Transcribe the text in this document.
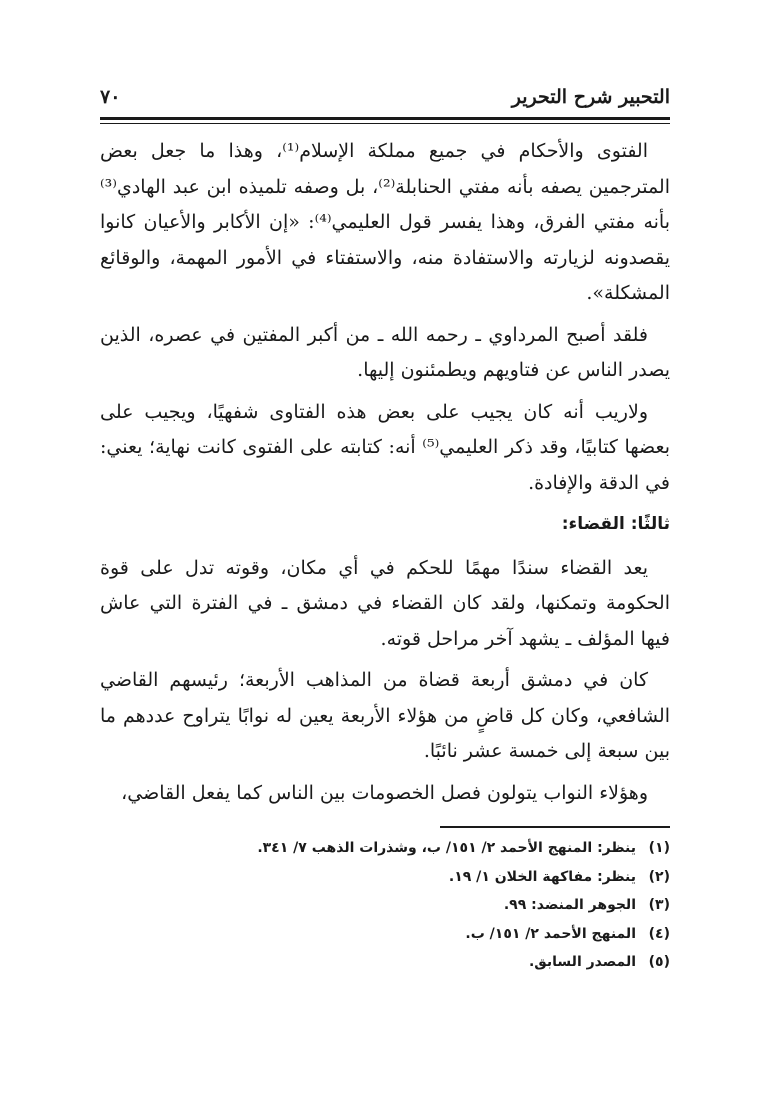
التحبير شرح التحرير
٧٠

الفتوى والأحكام في جميع مملكة الإسلام⁽¹⁾، وهذا ما جعل بعض المترجمين يصفه بأنه مفتي الحنابلة⁽²⁾، بل وصفه تلميذه ابن عبد الهادي⁽³⁾ بأنه مفتي الفرق، وهذا يفسر قول العليمي⁽⁴⁾: «إن الأكابر والأعيان كانوا يقصدونه لزيارته والاستفادة منه، والاستفتاء في الأمور المهمة، والوقائع المشكلة».

فلقد أصبح المرداوي ـ رحمه الله ـ من أكبر المفتين في عصره، الذين يصدر الناس عن فتاويهم ويطمئنون إليها.

ولاريب أنه كان يجيب على بعض هذه الفتاوى شفهيًا، ويجيب على بعضها كتابيًا، وقد ذكر العليمي⁽⁵⁾ أنه: كتابته على الفتوى كانت نهاية؛ يعني: في الدقة والإفادة.

ثالثًا: القضاء:

يعد القضاء سندًا مهمًا للحكم في أي مكان، وقوته تدل على قوة الحكومة وتمكنها، ولقد كان القضاء في دمشق ـ في الفترة التي عاش فيها المؤلف ـ يشهد آخر مراحل قوته.

كان في دمشق أربعة قضاة من المذاهب الأربعة؛ رئيسهم القاضي الشافعي، وكان كل قاضٍ من هؤلاء الأربعة يعين له نوابًا يتراوح عددهم ما بين سبعة إلى خمسة عشر نائبًا.

وهؤلاء النواب يتولون فصل الخصومات بين الناس كما يفعل القاضي،

(١)
ينظر: المنهج الأحمد ٢/ ١٥١/ ب، وشذرات الذهب ٧/ ٣٤١.
(٢)
ينظر: مفاكهة الخلان ١/ ١٩.
(٣)
الجوهر المنضد: ٩٩.
(٤)
المنهج الأحمد ٢/ ١٥١/ ب.
(٥)
المصدر السابق.
